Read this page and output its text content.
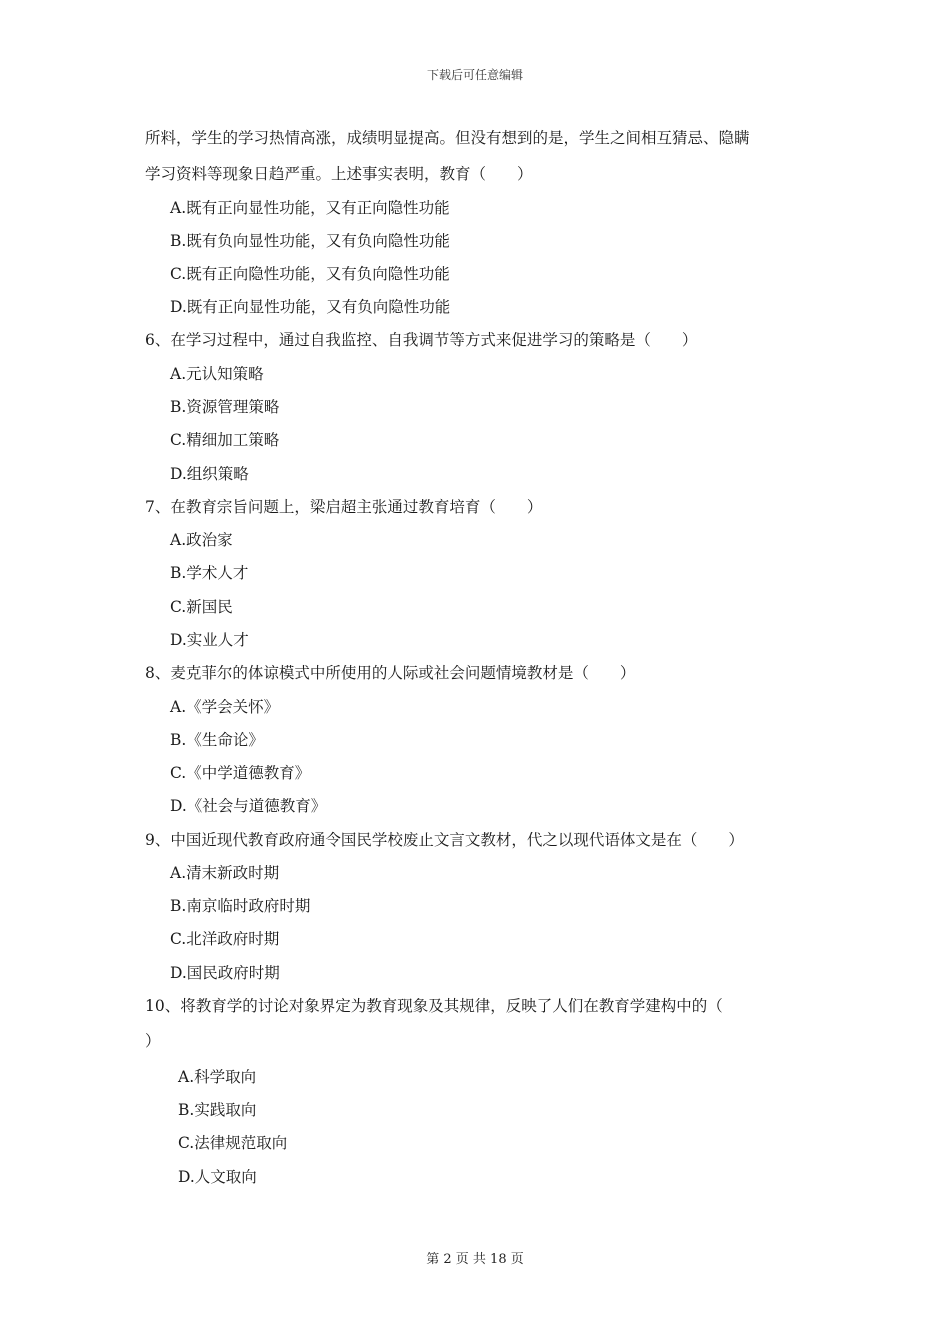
下载后可任意编辑
所料，学生的学习热情高涨，成绩明显提高。但没有想到的是，学生之间相互猜忌、隐瞒
学习资料等现象日趋严重。上述事实表明，教育（　　）
A.既有正向显性功能，又有正向隐性功能
B.既有负向显性功能，又有负向隐性功能
C.既有正向隐性功能，又有负向隐性功能
D.既有正向显性功能，又有负向隐性功能
6、在学习过程中，通过自我监控、自我调节等方式来促进学习的策略是（　　）
A.元认知策略
B.资源管理策略
C.精细加工策略
D.组织策略
7、在教育宗旨问题上，梁启超主张通过教育培育（　　）
A.政治家
B.学术人才
C.新国民
D.实业人才
8、麦克菲尔的体谅模式中所使用的人际或社会问题情境教材是（　　）
A.《学会关怀》
B.《生命论》
C.《中学道德教育》
D.《社会与道德教育》
9、中国近现代教育政府通令国民学校废止文言文教材，代之以现代语体文是在（　　）
A.清末新政时期
B.南京临时政府时期
C.北洋政府时期
D.国民政府时期
10、将教育学的讨论对象界定为教育现象及其规律，反映了人们在教育学建构中的（
）
A.科学取向
B.实践取向
C.法律规范取向
D.人文取向
第 2 页 共 18 页
